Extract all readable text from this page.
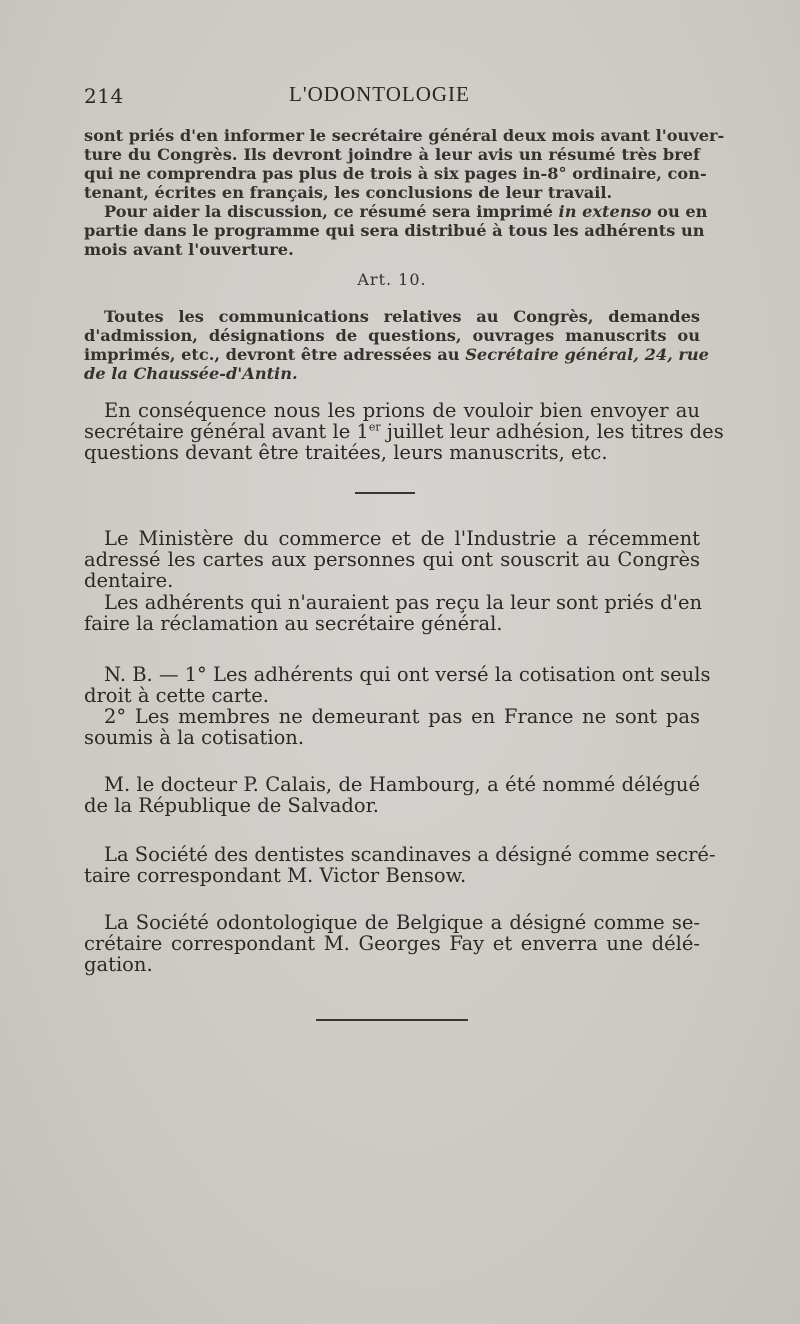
214	L'ODONTOLOGIE
sont priés d'en informer le secrétaire général deux mois avant l'ouver-
ture du Congrès. Ils devront joindre à leur avis un résumé très bref
qui ne comprendra pas plus de trois à six pages in-8° ordinaire, con-
tenant, écrites en français, les conclusions de leur travail.
Pour aider la discussion, ce résumé sera imprimé in extenso ou en
partie dans le programme qui sera distribué à tous les adhérents un
mois avant l'ouverture.
Art. 10.
Toutes les communications relatives au Congrès, demandes
d'admission, désignations de questions, ouvrages manuscrits ou
imprimés, etc., devront être adressées au Secrétaire général, 24, rue
de la Chaussée-d'Antin.
En conséquence nous les prions de vouloir bien envoyer au
secrétaire général avant le 1er juillet leur adhésion, les titres des
questions devant être traitées, leurs manuscrits, etc.
Le Ministère du commerce et de l'Industrie a récemment
adressé les cartes aux personnes qui ont souscrit au Congrès
dentaire.
Les adhérents qui n'auraient pas reçu la leur sont priés d'en
faire la réclamation au secrétaire général.
N. B. — 1° Les adhérents qui ont versé la cotisation ont seuls
droit à cette carte.
2° Les membres ne demeurant pas en France ne sont pas
soumis à la cotisation.
M. le docteur P. Calais, de Hambourg, a été nommé délégué
de la République de Salvador.
La Société des dentistes scandinaves a désigné comme secré-
taire correspondant M. Victor Bensow.
La Société odontologique de Belgique a désigné comme se-
crétaire correspondant M. Georges Fay et enverra une délé-
gation.
